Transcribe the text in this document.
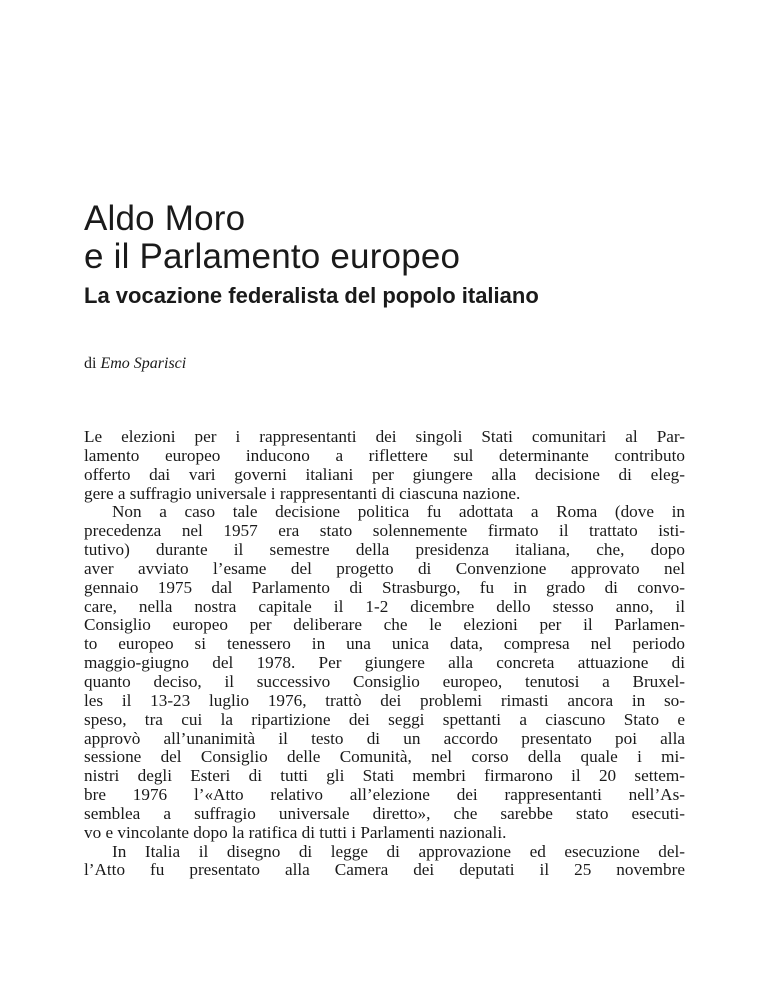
Aldo Moro
e il Parlamento europeo
La vocazione federalista del popolo italiano
di Emo Sparisci
Le elezioni per i rappresentanti dei singoli Stati comunitari al Par-
lamento europeo inducono a riflettere sul determinante contributo
offerto dai vari governi italiani per giungere alla decisione di eleg-
gere a suffragio universale i rappresentanti di ciascuna nazione.
Non a caso tale decisione politica fu adottata a Roma (dove in
precedenza nel 1957 era stato solennemente firmato il trattato isti-
tutivo) durante il semestre della presidenza italiana, che, dopo
aver avviato l’esame del progetto di Convenzione approvato nel
gennaio 1975 dal Parlamento di Strasburgo, fu in grado di convo-
care, nella nostra capitale il 1-2 dicembre dello stesso anno, il
Consiglio europeo per deliberare che le elezioni per il Parlamen-
to europeo si tenessero in una unica data, compresa nel periodo
maggio-giugno del 1978. Per giungere alla concreta attuazione di
quanto deciso, il successivo Consiglio europeo, tenutosi a Bruxel-
les il 13-23 luglio 1976, trattò dei problemi rimasti ancora in so-
speso, tra cui la ripartizione dei seggi spettanti a ciascuno Stato e
approvò all’unanimità il testo di un accordo presentato poi alla
sessione del Consiglio delle Comunità, nel corso della quale i mi-
nistri degli Esteri di tutti gli Stati membri firmarono il 20 settem-
bre 1976 l’«Atto relativo all’elezione dei rappresentanti nell’As-
semblea a suffragio universale diretto», che sarebbe stato esecuti-
vo e vincolante dopo la ratifica di tutti i Parlamenti nazionali.
In Italia il disegno di legge di approvazione ed esecuzione del-
l’Atto fu presentato alla Camera dei deputati il 25 novembre
